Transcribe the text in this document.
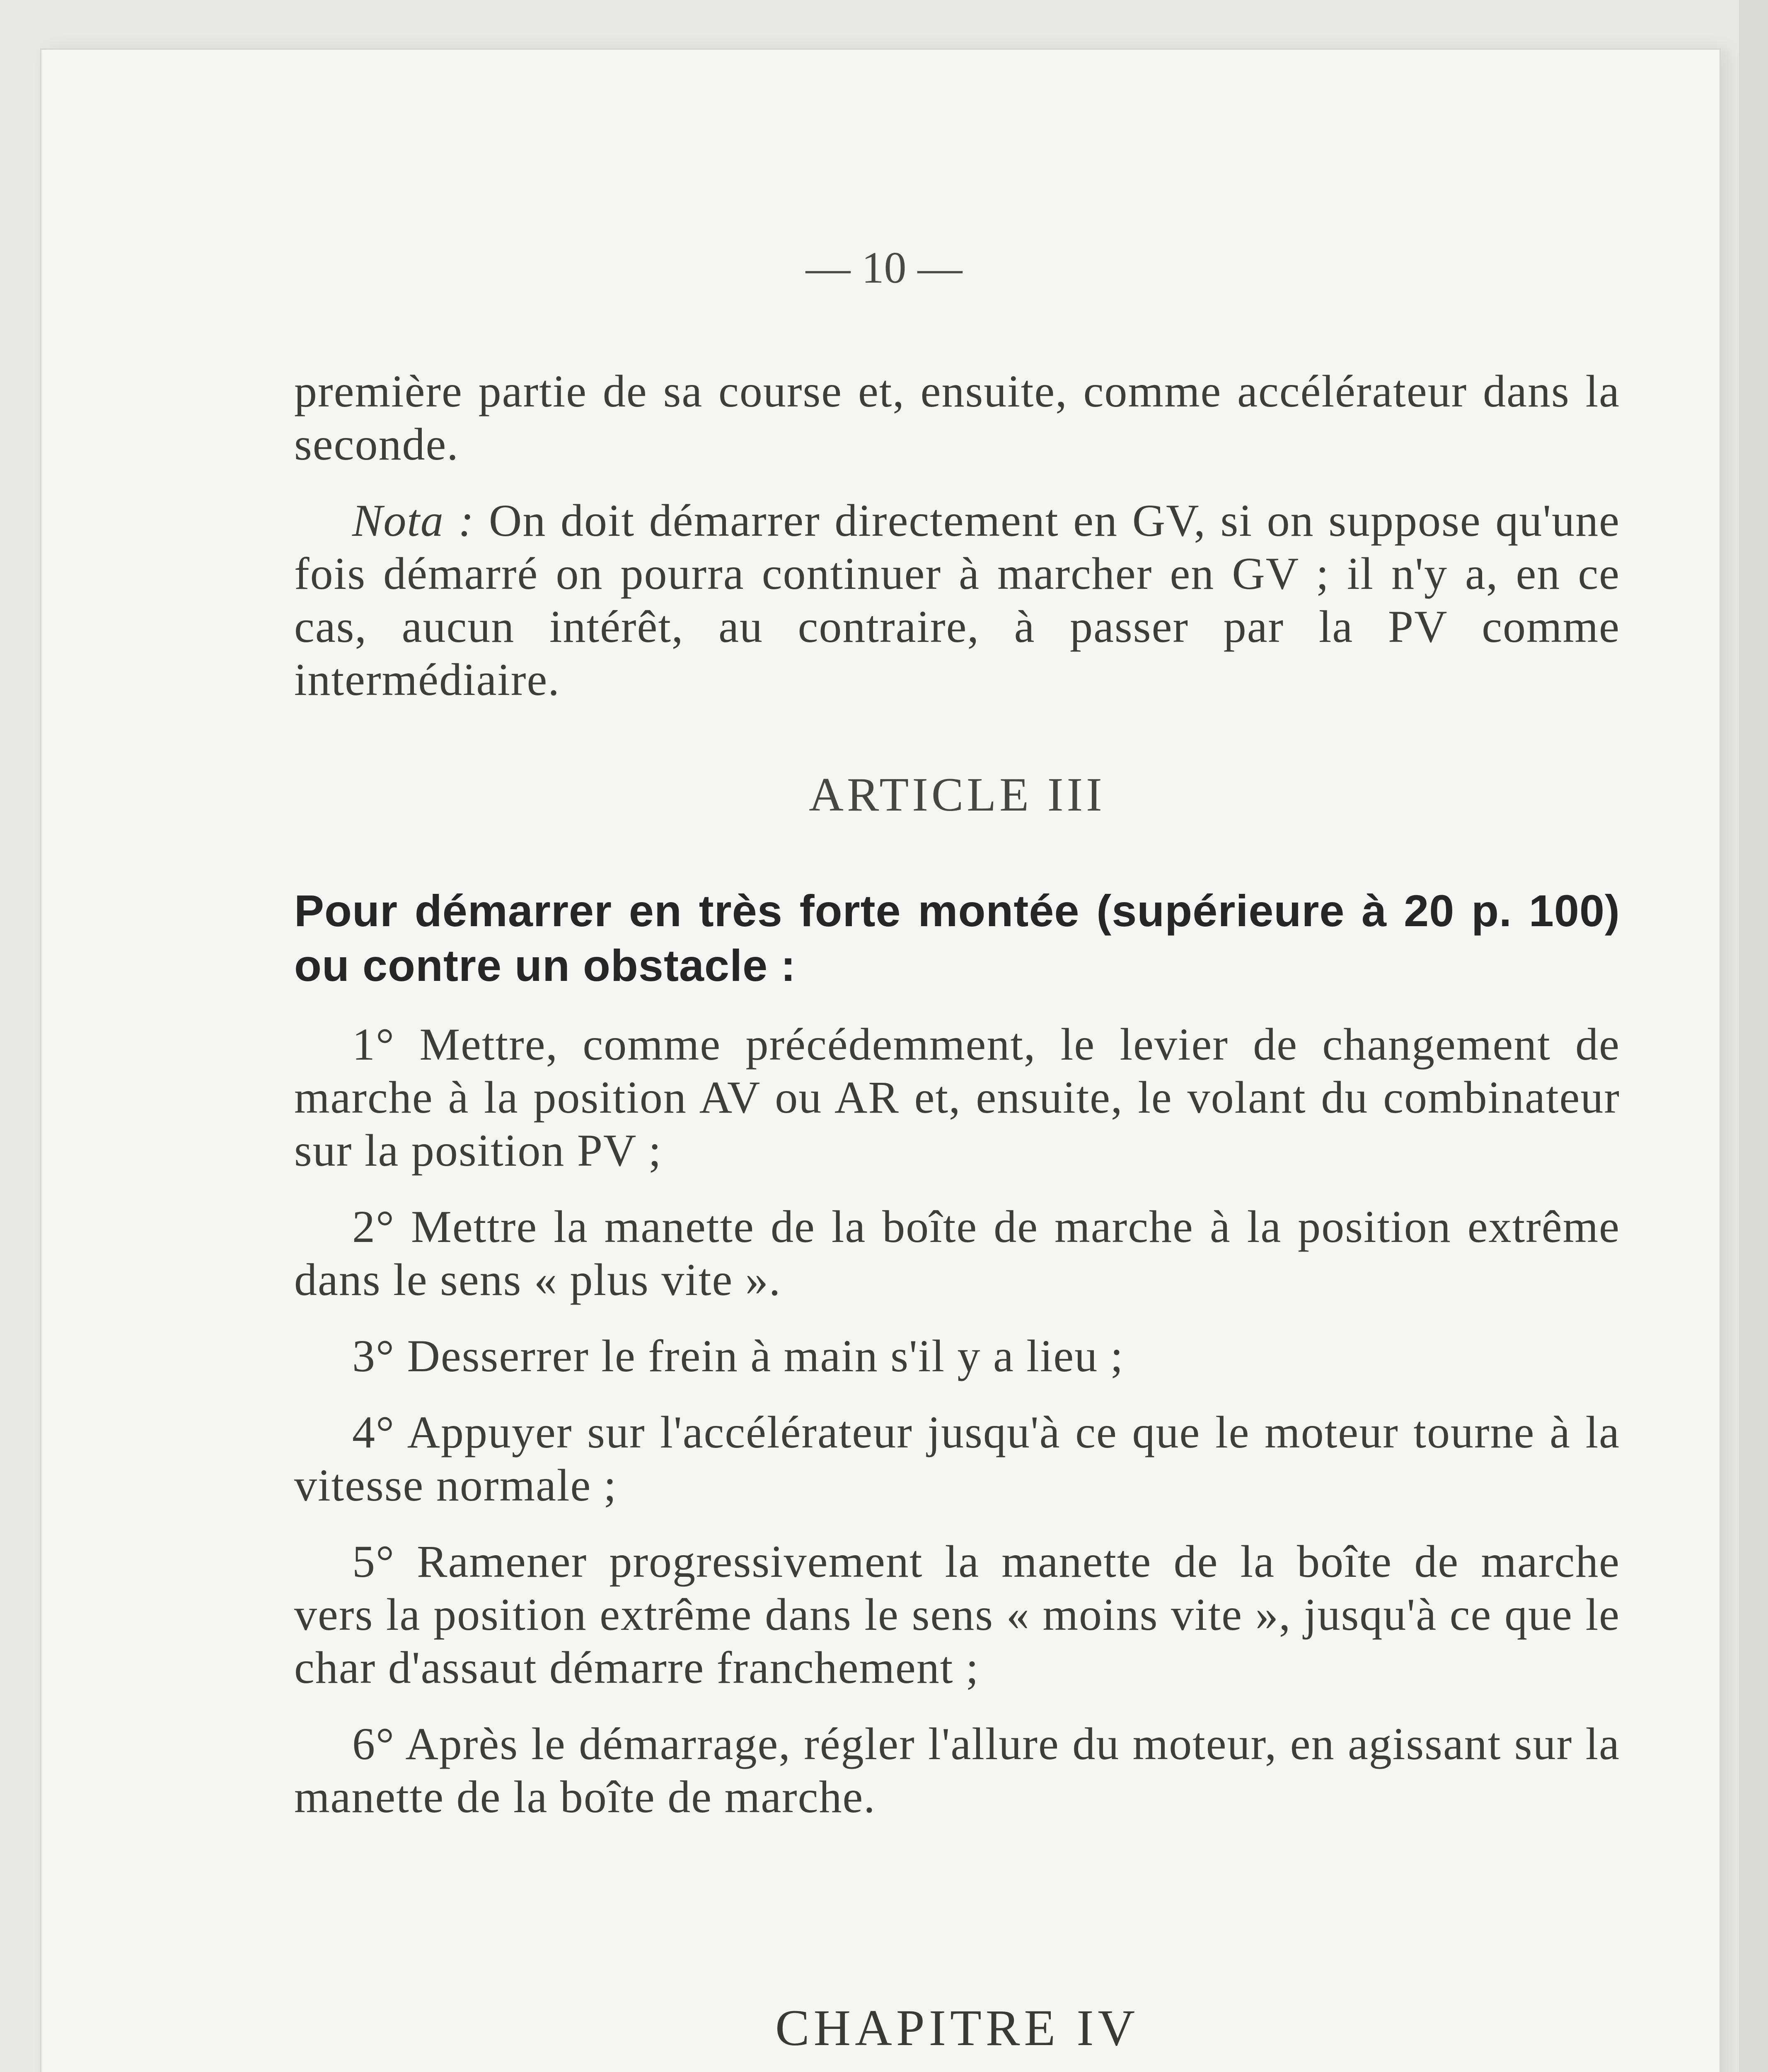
— 10 —

première partie de sa course et, ensuite, comme accélérateur dans la seconde.

Nota : On doit démarrer directement en GV, si on suppose qu'une fois démarré on pourra continuer à marcher en GV ; il n'y a, en ce cas, aucun intérêt, au contraire, à passer par la PV comme intermédiaire.

ARTICLE III

Pour démarrer en très forte montée (supérieure à 20 p. 100) ou contre un obstacle :

1° Mettre, comme précédemment, le levier de changement de marche à la position AV ou AR et, ensuite, le volant du combinateur sur la position PV ;

2° Mettre la manette de la boîte de marche à la position extrême dans le sens « plus vite ».

3° Desserrer le frein à main s'il y a lieu ;

4° Appuyer sur l'accélérateur jusqu'à ce que le moteur tourne à la vitesse normale ;

5° Ramener progressivement la manette de la boîte de marche vers la position extrême dans le sens « moins vite », jusqu'à ce que le char d'assaut démarre franchement ;

6° Après le démarrage, régler l'allure du moteur, en agissant sur la manette de la boîte de marche.

CHAPITRE IV
